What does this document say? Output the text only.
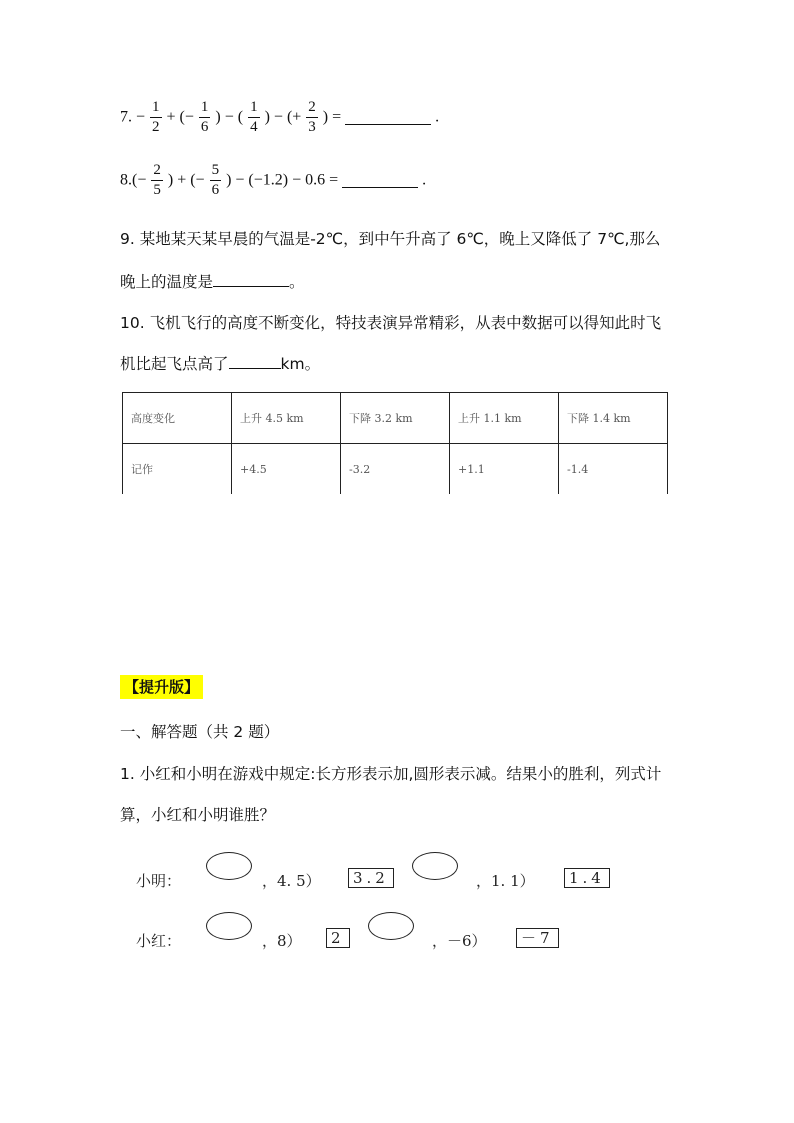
7. − $\frac{1}{2}$ + (− $\frac{1}{6}$ ) − ( $\frac{1}{4}$ ) − (+ $\frac{2}{3}$ ) =	.
$8.(- \frac{2}{5}$ ) + (− $\frac{5}{6}$ ) − (−1.2) − 0.6 =	.
9. 某地某天某早晨的气温是-2℃，到中午升高了 6℃，晚上又降低了 7℃,那么
晚上的温度是	。
10. 飞机飞行的高度不断变化，特技表演异常精彩，从表中数据可以得知此时飞
机比起飞点高了	km。
高度变化	上升 4.5 km	下降 3.2 km	上升 1.1 km	下降 1.4 km
记作	+4.5	-3.2	+1.1	-1.4
【提升版】
一、解答题（共 2 题）
1. 小红和小明在游戏中规定:长方形表示加,圆形表示减。结果小的胜利，列式计
算，小红和小明谁胜？
小明：	，4. 5）	3.2	，1. 1）	1.4
小红：	，8）	2	，－6）	－7
